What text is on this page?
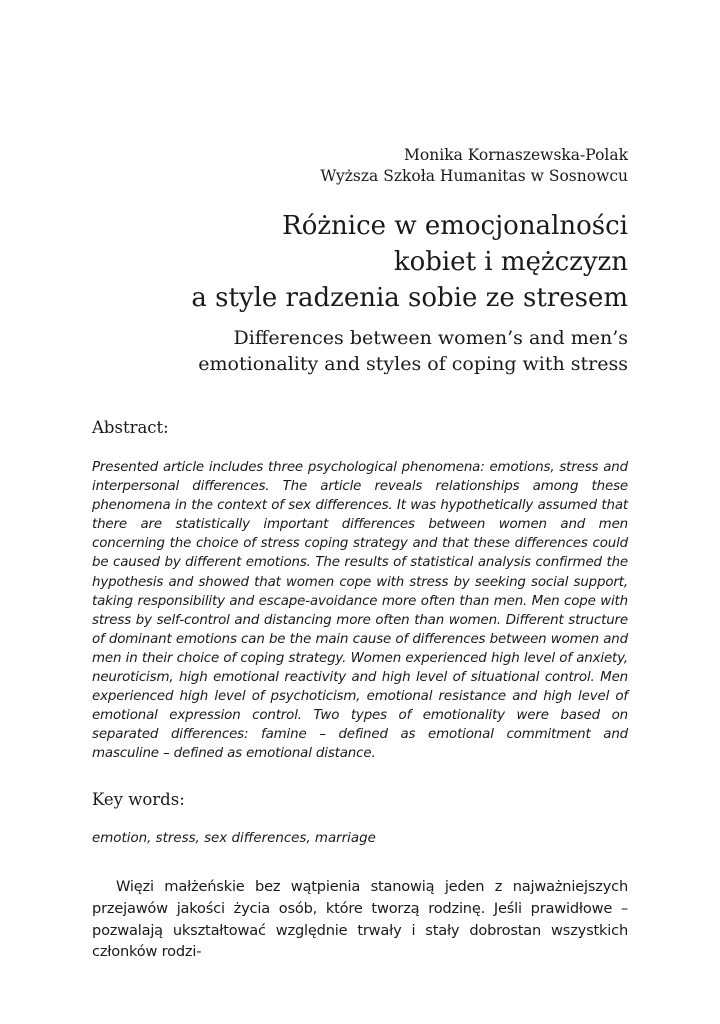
Monika Kornaszewska-Polak
Wyższa Szkoła Humanitas w Sosnowcu
Różnice w emocjonalności
kobiet i mężczyzn
a style radzenia sobie ze stresem
Differences between women’s and men’s
emotionality and styles of coping with stress
Abstract:

Presented article includes three psychological phenomena: emotions, stress and interpersonal differences. The article reveals relationships among these phenomena in the context of sex differences. It was hypothetically assumed that there are statistically important differences between women and men concerning the choice of stress coping strategy and that these differences could be caused by different emotions. The results of statistical analysis confirmed the hypothesis and showed that women cope with stress by seeking social support, taking responsibility and escape-avoidance more often than men. Men cope with stress by self-control and distancing more often than women. Different structure of dominant emotions can be the main cause of differences between women and men in their choice of coping strategy. Women experienced high level of anxiety, neuroticism, high emotional reactivity and high level of situational control. Men experienced high level of psychoticism, emotional resistance and high level of emotional expression control. Two types of emotionality were based on separated differences: famine – defined as emotional commitment and masculine – defined as emotional distance.

Key words:
emotion, stress, sex differences, marriage

Więzi małżeńskie bez wątpienia stanowią jeden z najważniejszych przejawów jakości życia osób, które tworzą rodzinę. Jeśli prawidłowe – pozwalają ukształtować względnie trwały i stały dobrostan wszystkich członków rodzi-
